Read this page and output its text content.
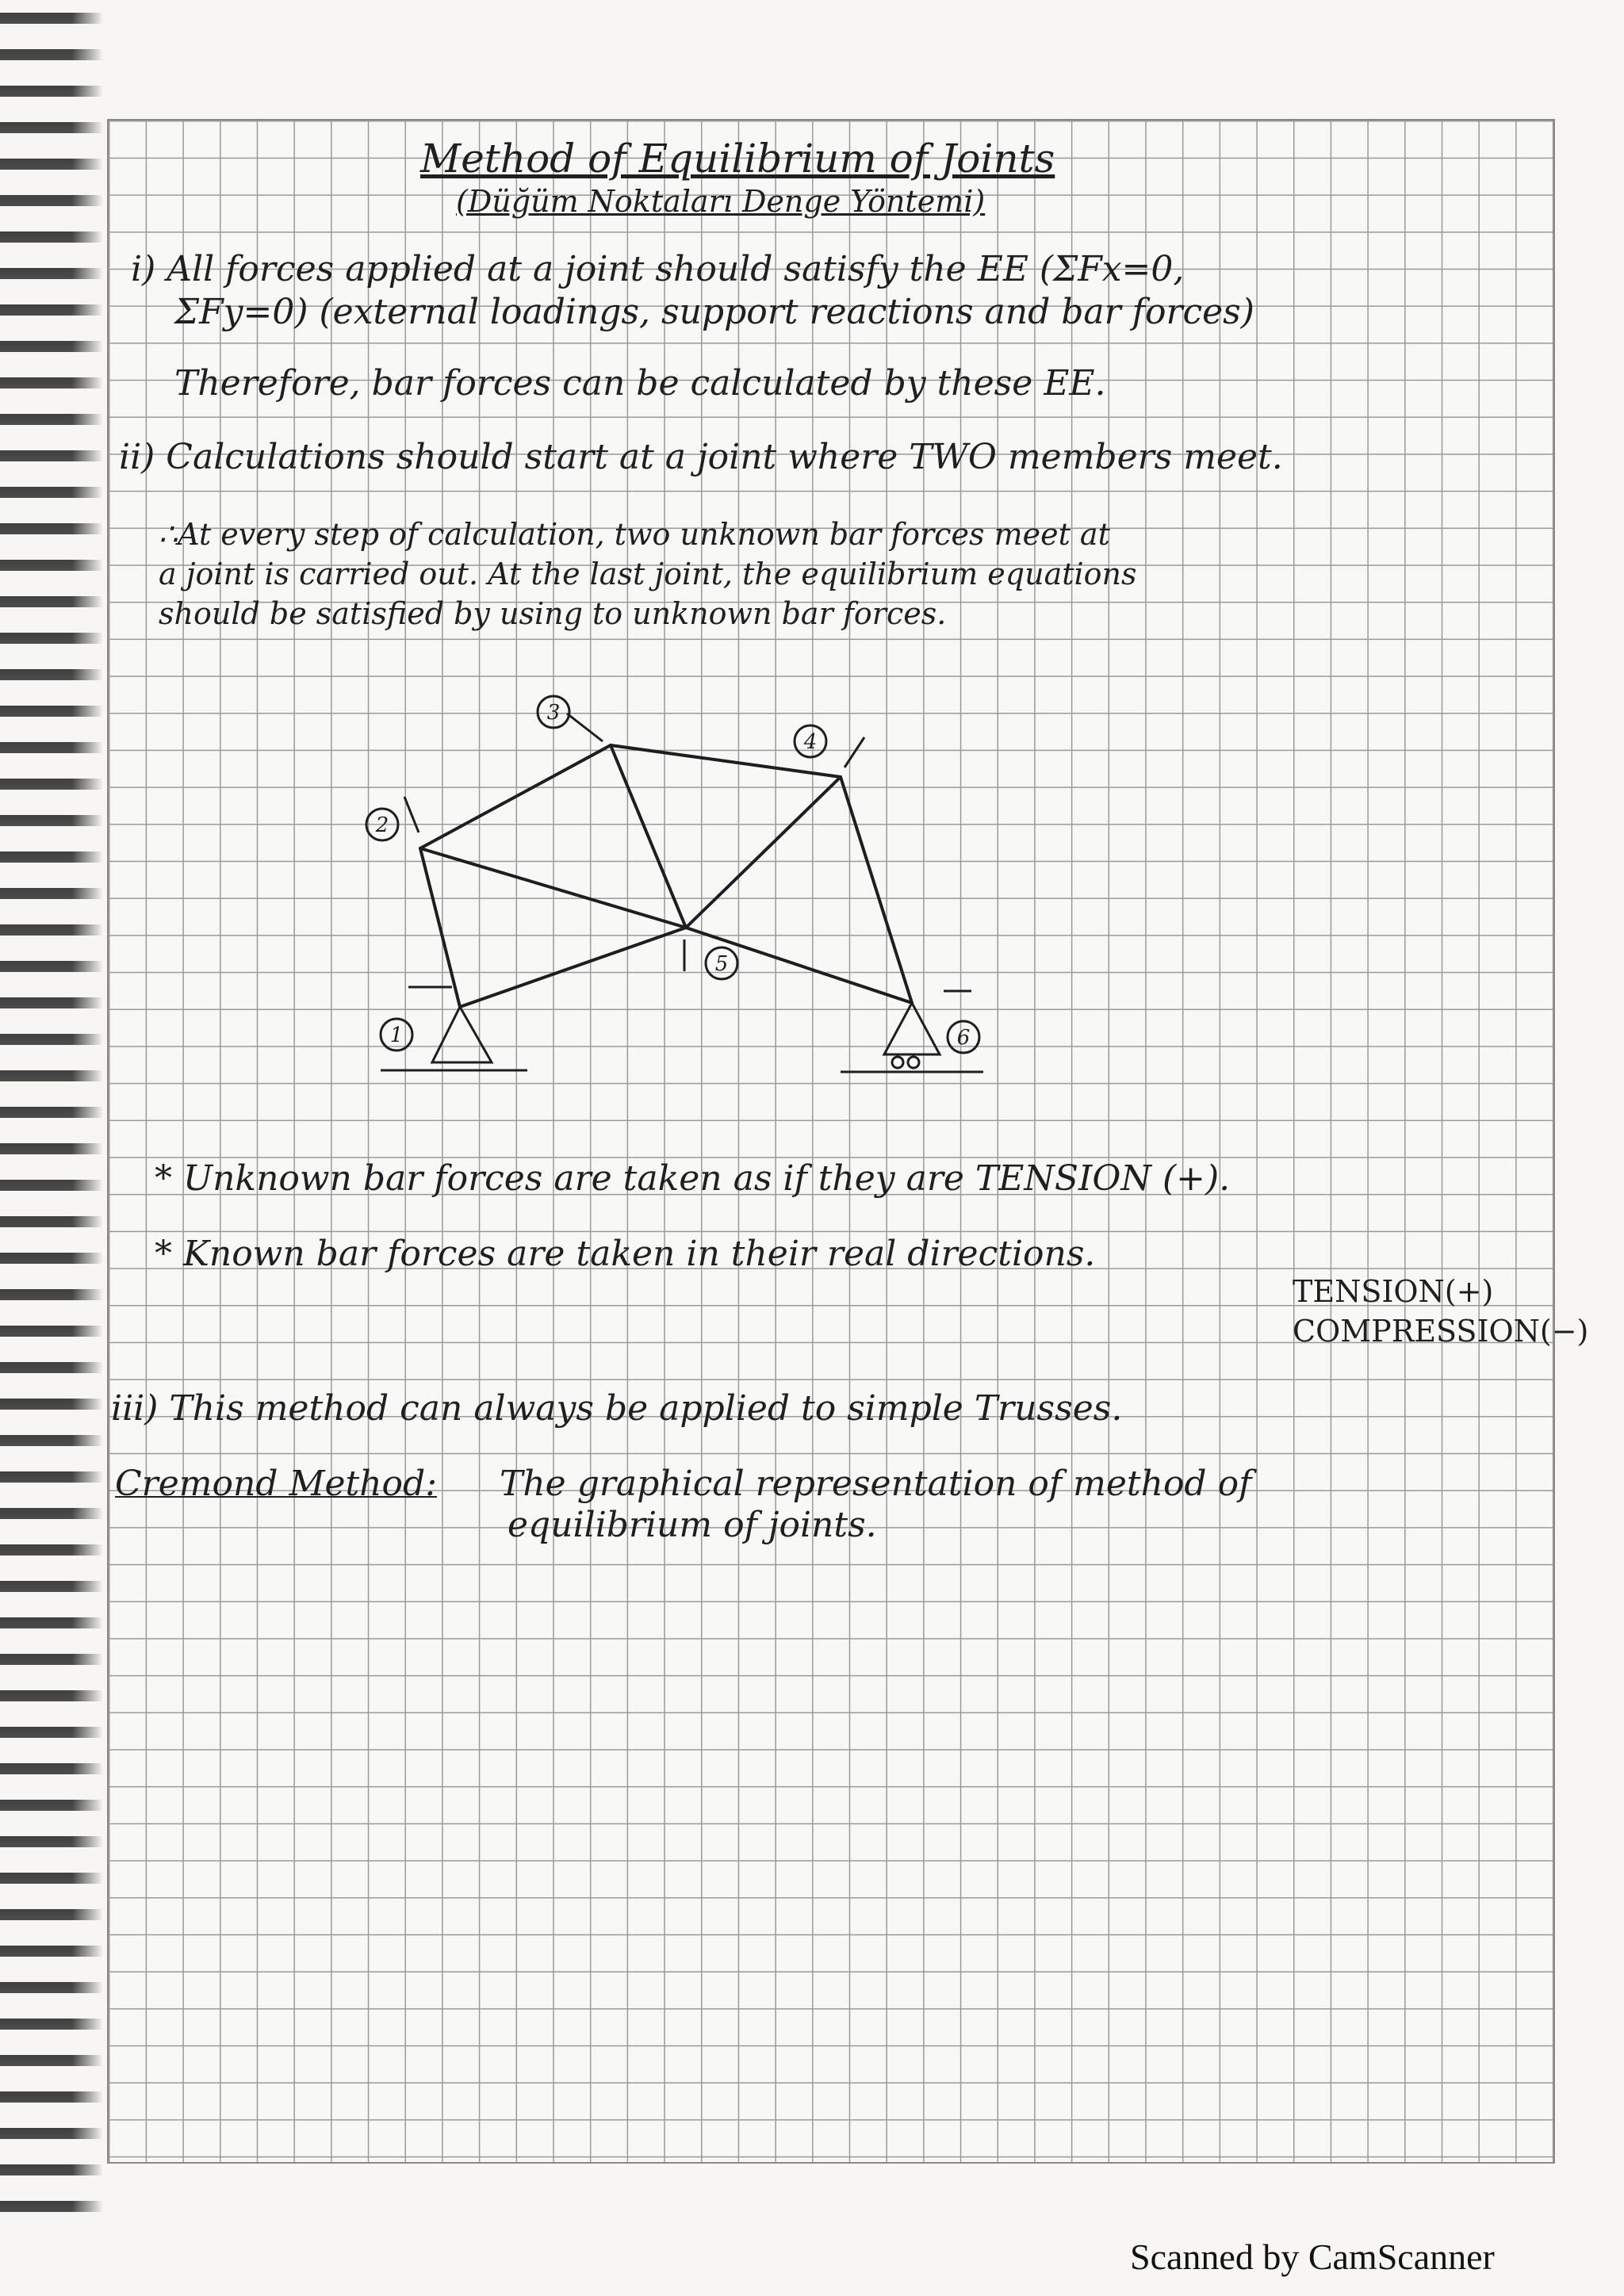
Method of Equilibrium of Joints
(Düğüm Noktaları Denge Yöntemi)
i) All forces applied at a joint should satisfy the EE (ΣFx=0,
ΣFy=0) (external loadings, support reactions and bar forces)
Therefore, bar forces can be calculated by these EE.
ii) Calculations should start at a joint where TWO members meet.
∴At every step of calculation, two unknown bar forces meet at
a joint is carried out. At the last joint, the equilibrium equations
should be satisfied by using to unknown bar forces.
3
2
4
5
1	6
* Unknown bar forces are taken as if they are TENSION (+).
* Known bar forces are taken in their real directions.
TENSION(+)
COMPRESSION(−)
iii) This method can always be applied to simple Trusses.
Cremond Method: The graphical representation of method of
equilibrium of joints.
Scanned by CamScanner
